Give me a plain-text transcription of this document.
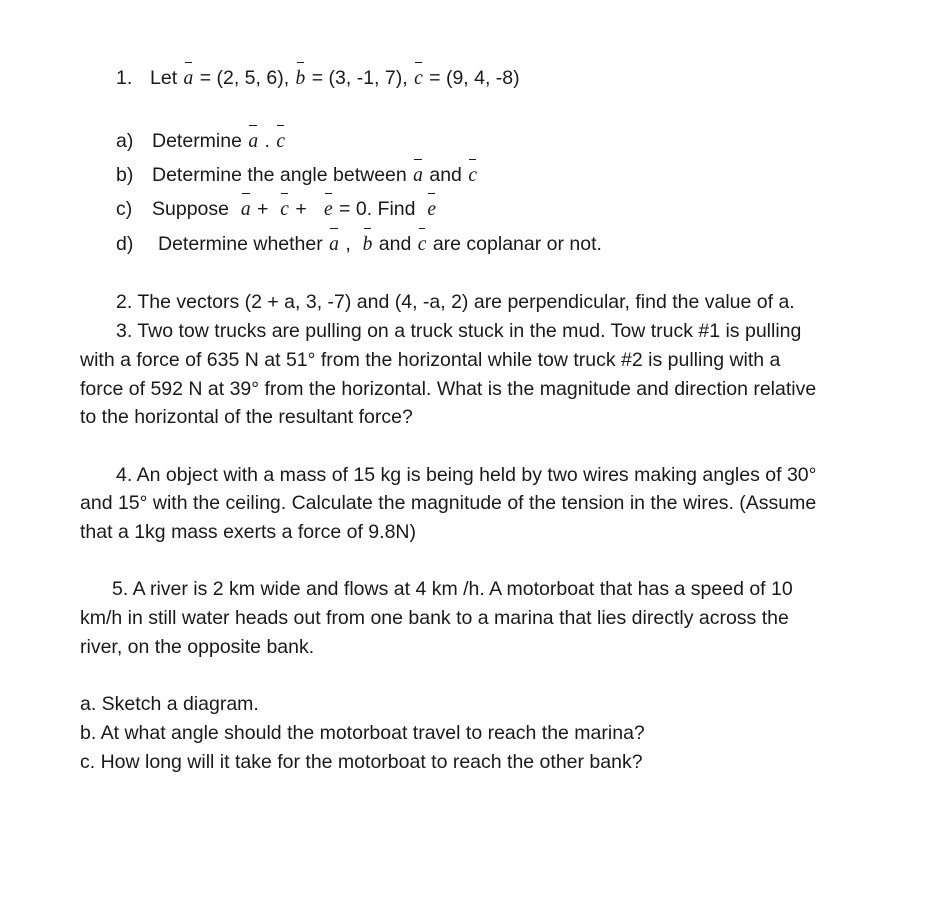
1. Let a = (2, 5, 6), b = (3, -1, 7), c = (9, 4, -8)
a) Determine a . c
b) Determine the angle between a and c
c) Suppose a + c + e = 0. Find e
d) Determine whether a , b and c are coplanar or not.
2. The vectors (2 + a, 3, -7) and (4, -a, 2) are perpendicular, find the value of a.
3. Two tow trucks are pulling on a truck stuck in the mud. Tow truck #1 is pulling
with a force of 635 N at 51° from the horizontal while tow truck #2 is pulling with a
force of 592 N at 39° from the horizontal. What is the magnitude and direction relative
to the horizontal of the resultant force?
4. An object with a mass of 15 kg is being held by two wires making angles of 30°
and 15° with the ceiling. Calculate the magnitude of the tension in the wires. (Assume
that a 1kg mass exerts a force of 9.8N)
5. A river is 2 km wide and flows at 4 km /h. A motorboat that has a speed of 10
km/h in still water heads out from one bank to a marina that lies directly across the
river, on the opposite bank.
a. Sketch a diagram.
b. At what angle should the motorboat travel to reach the marina?
c. How long will it take for the motorboat to reach the other bank?
